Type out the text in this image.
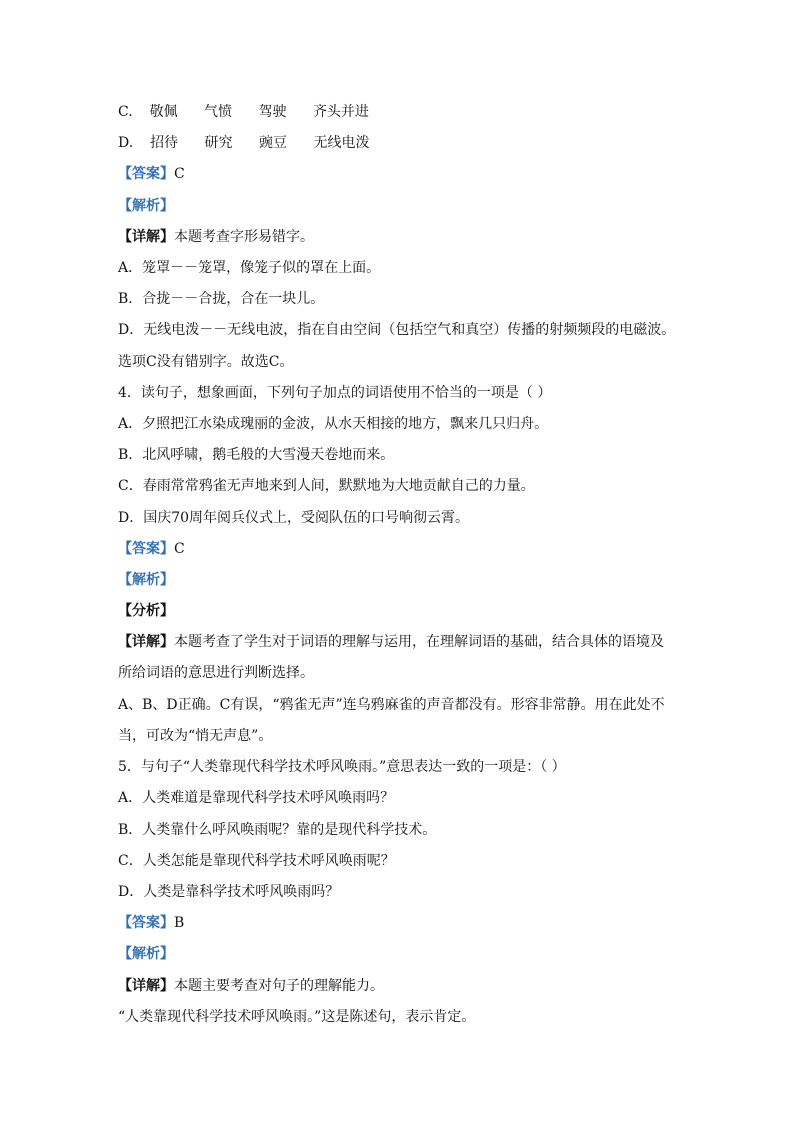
C. 敬佩 气愤 驾驶 齐头并进
D. 招待 研究 豌豆 无线电泼
【答案】C
【解析】
【详解】本题考查字形易错字。
A．笼罩－－笼罩，像笼子似的罩在上面。
B．合拢－－合拢，合在一块儿。
D．无线电泼－－无线电波，指在自由空间（包括空气和真空）传播的射频频段的电磁波。
选项C没有错别字。故选C。
4．读句子，想象画面，下列句子加点的词语使用不恰当的一项是（ ）
A．夕照把江水染成瑰丽的金波，从水天相接的地方，飘来几只归舟。
B．北风呼啸，鹅毛般的大雪漫天卷地而来。
C．春雨常常鸦雀无声地来到人间，默默地为大地贡献自己的力量。
D．国庆70周年阅兵仪式上，受阅队伍的口号响彻云霄。
【答案】C
【解析】
【分析】
【详解】本题考查了学生对于词语的理解与运用，在理解词语的基础，结合具体的语境及
所给词语的意思进行判断选择。
A、B、D正确。C有误，“鸦雀无声”连乌鸦麻雀的声音都没有。形容非常静。用在此处不
当，可改为“悄无声息”。
5．与句子“人类靠现代科学技术呼风唤雨。”意思表达一致的一项是：（ ）
A．人类难道是靠现代科学技术呼风唤雨吗？
B．人类靠什么呼风唤雨呢？靠的是现代科学技术。
C．人类怎能是靠现代科学技术呼风唤雨呢？
D．人类是靠科学技术呼风唤雨吗？
【答案】B
【解析】
【详解】本题主要考查对句子的理解能力。
“人类靠现代科学技术呼风唤雨。”这是陈述句，表示肯定。
